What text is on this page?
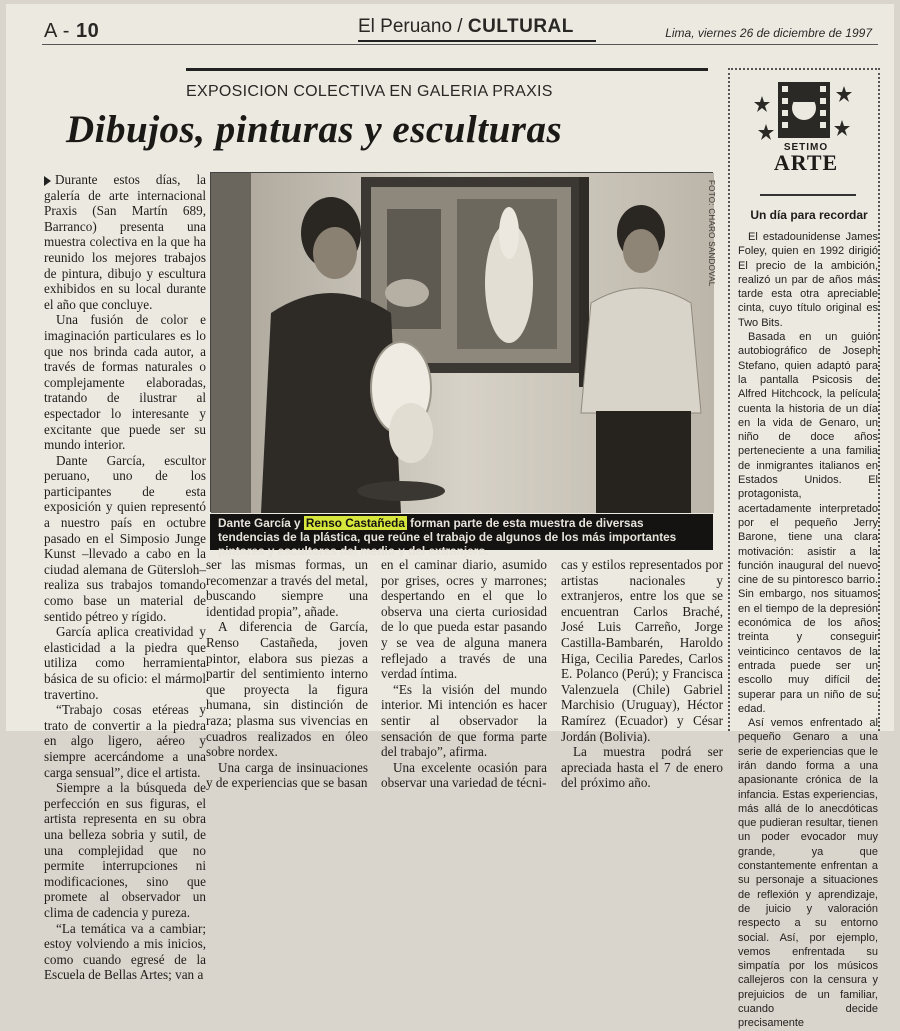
A - 10	El Peruano / CULTURAL	Lima, viernes 26 de diciembre de 1997
EXPOSICION COLECTIVA EN GALERIA PRAXIS
Dibujos, pinturas y esculturas

Durante estos días, la galería de arte internacional Praxis (San Martín 689, Barranco) presenta una muestra colectiva en la que ha reunido los mejores trabajos de pintura, dibujo y escultura exhibidos en su local durante el año que concluye.

Una fusión de color e imaginación particulares es lo que nos brinda cada autor, a través de formas naturales o complejamente elaboradas, tratando de ilustrar al espectador lo interesante y excitante que puede ser su mundo interior.

Dante García, escultor peruano, uno de los participantes de esta exposición y quien representó a nuestro país en octubre pasado en el Simposio Junge Kunst –llevado a cabo en la ciudad alemana de Gütersloh– realiza sus trabajos tomando como base un material de sentido pétreo y rígido.

García aplica creatividad y elasticidad a la piedra que utiliza como herramienta básica de su oficio: el mármol travertino.

“Trabajo cosas etéreas y trato de convertir a la piedra en algo ligero, aéreo y siempre acercándome a una carga sensual”, dice el artista.

Siempre a la búsqueda de perfección en sus figuras, el artista representa en su obra una belleza sobria y sutil, de una complejidad que no permite interrupciones ni modificaciones, sino que promete al observador un clima de cadencia y pureza.

“La temática va a cambiar; estoy volviendo a mis inicios, como cuando egresé de la Escuela de Bellas Artes; van a

FOTO: CHARO SANDOVAL
Dante García y Renso Castañeda forman parte de esta muestra de diversas tendencias de la plástica, que reúne el trabajo de algunos de los más importantes pintores y escultores del medio y del extranjero.

ser las mismas formas, un recomenzar a través del metal, buscando siempre una identidad propia”, añade.

A diferencia de García, Renso Castañeda, joven pintor, elabora sus piezas a partir del sentimiento interno que proyecta la figura humana, sin distinción de raza; plasma sus vivencias en cuadros realizados en óleo sobre nordex.

Una carga de insinuaciones y de experiencias que se basan

en el caminar diario, asumido por grises, ocres y marrones; despertando en el que lo observa una cierta curiosidad de lo que pueda estar pasando y se vea de alguna manera reflejado a través de una verdad íntima.

“Es la visión del mundo interior. Mi intención es hacer sentir al observador la sensación de que forma parte del trabajo”, afirma.

Una excelente ocasión para observar una variedad de técni-

cas y estilos representados por artistas nacionales y extranjeros, entre los que se encuentran Carlos Braché, José Luis Carreño, Jorge Castilla-Bambarén, Haroldo Higa, Cecilia Paredes, Carlos E. Polanco (Perú); y Francisca Valenzuela (Chile) Gabriel Marchisio (Uruguay), Héctor Ramírez (Ecuador) y César Jordán (Bolivia).

La muestra podrá ser apreciada hasta el 7 de enero del próximo año.

SETIMO
ARTE
Un día para recordar

El estadounidense James Foley, quien en 1992 dirigió El precio de la ambición, realizó un par de años más tarde esta otra apreciable cinta, cuyo título original es Two Bits.

Basada en un guión autobiográfico de Joseph Stefano, quien adaptó para la pantalla Psicosis de Alfred Hitchcock, la película cuenta la historia de un día en la vida de Genaro, un niño de doce años perteneciente a una familia de inmigrantes italianos en Estados Unidos. El protagonista, acertadamente interpretado por el pequeño Jerry Barone, tiene una clara motivación: asistir a la función inaugural del nuevo cine de su pintoresco barrio. Sin embargo, nos situamos en el tiempo de la depresión económica de los años treinta y conseguir veinticinco centavos de la entrada puede ser un escollo muy difícil de superar para un niño de su edad.

Así vemos enfrentado al pequeño Genaro a una serie de experiencias que le irán dando forma a una apasionante crónica de la infancia. Estas experiencias, más allá de lo anecdóticas que pudieran resultar, tienen un poder evocador muy grande, ya que constantemente enfrentan a su personaje a situaciones de reflexión y aprendizaje, de juicio y valoración respecto a su entorno social. Así, por ejemplo, vemos enfrentada su simpatía por los músicos callejeros con la censura y prejuicios de un familiar, cuando decide precisamente
